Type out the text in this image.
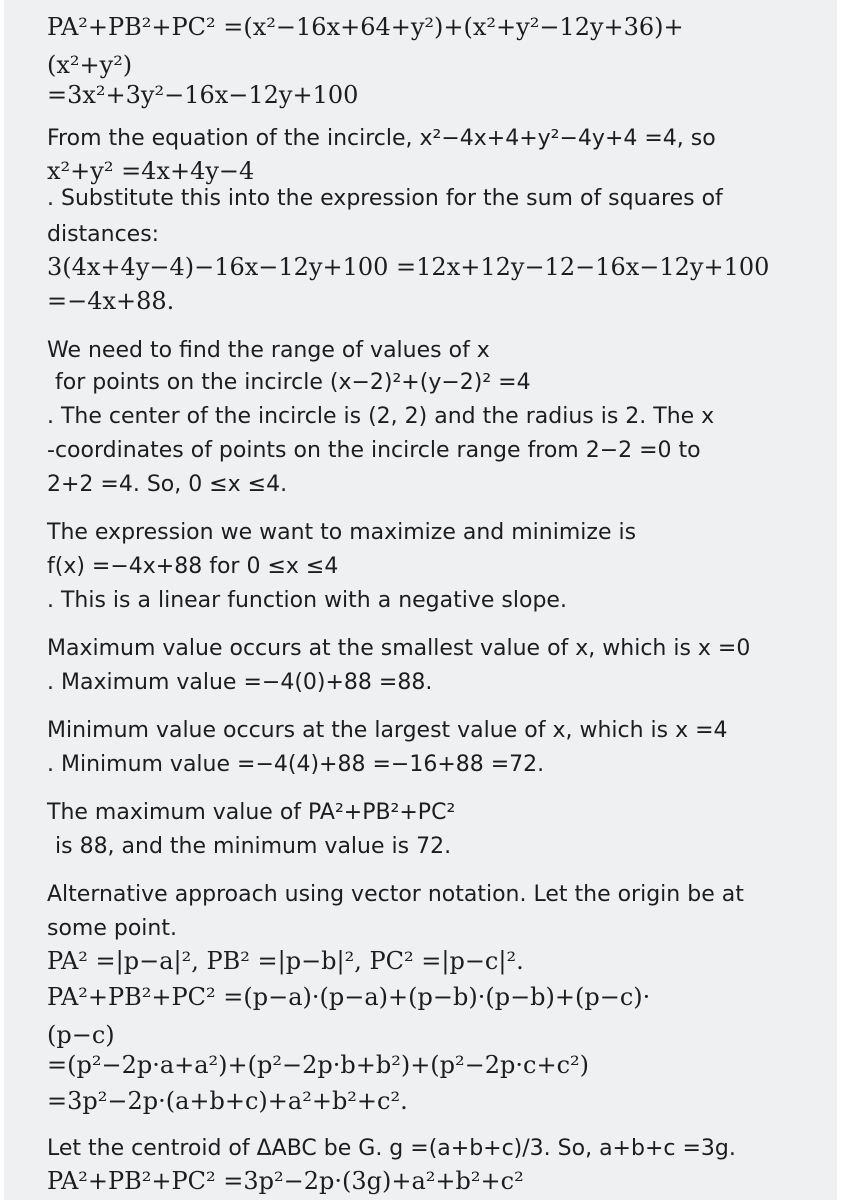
PA²+PB²+PC² =(x²−16x+64+y²)+(x²+y²−12y+36)+
(x²+y²)
=3x²+3y²−16x−12y+100
From the equation of the incircle, x²−4x+4+y²−4y+4 =4, so
x²+y² =4x+4y−4
. Substitute this into the expression for the sum of squares of
distances:
3(4x+4y−4)−16x−12y+100 =12x+12y−12−16x−12y+100
=−4x+88.
We need to find the range of values of x
for points on the incircle (x−2)²+(y−2)² =4
. The center of the incircle is (2, 2) and the radius is 2. The x
-coordinates of points on the incircle range from 2−2 =0 to
2+2 =4. So, 0 ≤x ≤4.
The expression we want to maximize and minimize is
f(x) =−4x+88 for 0 ≤x ≤4
. This is a linear function with a negative slope.
Maximum value occurs at the smallest value of x, which is x =0
. Maximum value =−4(0)+88 =88.
Minimum value occurs at the largest value of x, which is x =4
. Minimum value =−4(4)+88 =−16+88 =72.
The maximum value of PA²+PB²+PC²
is 88, and the minimum value is 72.
Alternative approach using vector notation. Let the origin be at
some point.
PA² =|p−a|², PB² =|p−b|², PC² =|p−c|².
PA²+PB²+PC² =(p−a)·(p−a)+(p−b)·(p−b)+(p−c)·
(p−c)
=(p²−2p·a+a²)+(p²−2p·b+b²)+(p²−2p·c+c²)
=3p²−2p·(a+b+c)+a²+b²+c².
Let the centroid of ΔABC be G. g =(a+b+c)/3. So, a+b+c =3g.
PA²+PB²+PC² =3p²−2p·(3g)+a²+b²+c²
